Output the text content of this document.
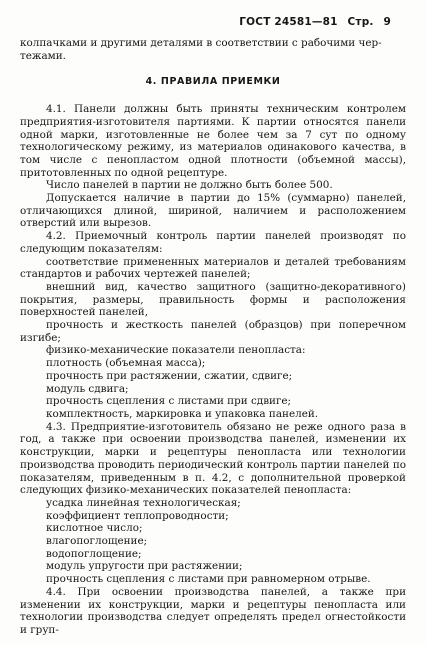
ГОСТ 24581—81 Стр. 9

колпачками и другими деталями в соответствии с рабочими чер-

тежами.

4. ПРАВИЛА ПРИЕМКИ

4.1. Панели должны быть приняты техническим контролем предприятия-изготовителя партиями. К партии относятся панели одной марки, изготовленные не более чем за 7 сут по одному технологическому режиму, из материалов одинакового качества, в том числе с пенопластом одной плотности (объемной массы), притотовленных по одной рецептуре.

Число панелей в партии не должно быть более 500.

Допускается наличие в партии до 15% (суммарно) панелей, отличающихся длиной, шириной, наличием и расположением отверстий или вырезов.

4.2. Приемочный контроль партии панелей производят по следующим показателям:

соответствие примененных материалов и деталей требованиям стандартов и рабочих чертежей панелей;

внешний вид, качество защитного (защитно-декоративного) покрытия, размеры, правильность формы и расположения поверхностей панелей,

прочность и жесткость панелей (образцов) при поперечном изгибе;

физико-механические показатели пенопласта:

плотность (объемная масса);

прочность при растяжении, сжатии, сдвиге;

модуль сдвига;

прочность сцепления с листами при сдвиге;

комплектность, маркировка и упаковка панелей.

4.3. Предприятие-изготовитель обязано не реже одного раза в год, а также при освоении производства панелей, изменении их конструкции, марки и рецептуры пенопласта или технологии производства проводить периодический контроль партии панелей по показателям, приведенным в п. 4.2, с дополнительной проверкой следующих физико-механических показателей пенопласта:

усадка линейная технологическая;

коэффициент теплопроводности;

кислотное число;

влагопоглощение;

водопоглощение;

модуль упругости при растяжении;

прочность сцепления с листами при равномерном отрыве.

4.4. При освоении производства панелей, а также при изменении их конструкции, марки и рецептуры пенопласта или технологии производства следует определять предел огнестойкости и груп-
